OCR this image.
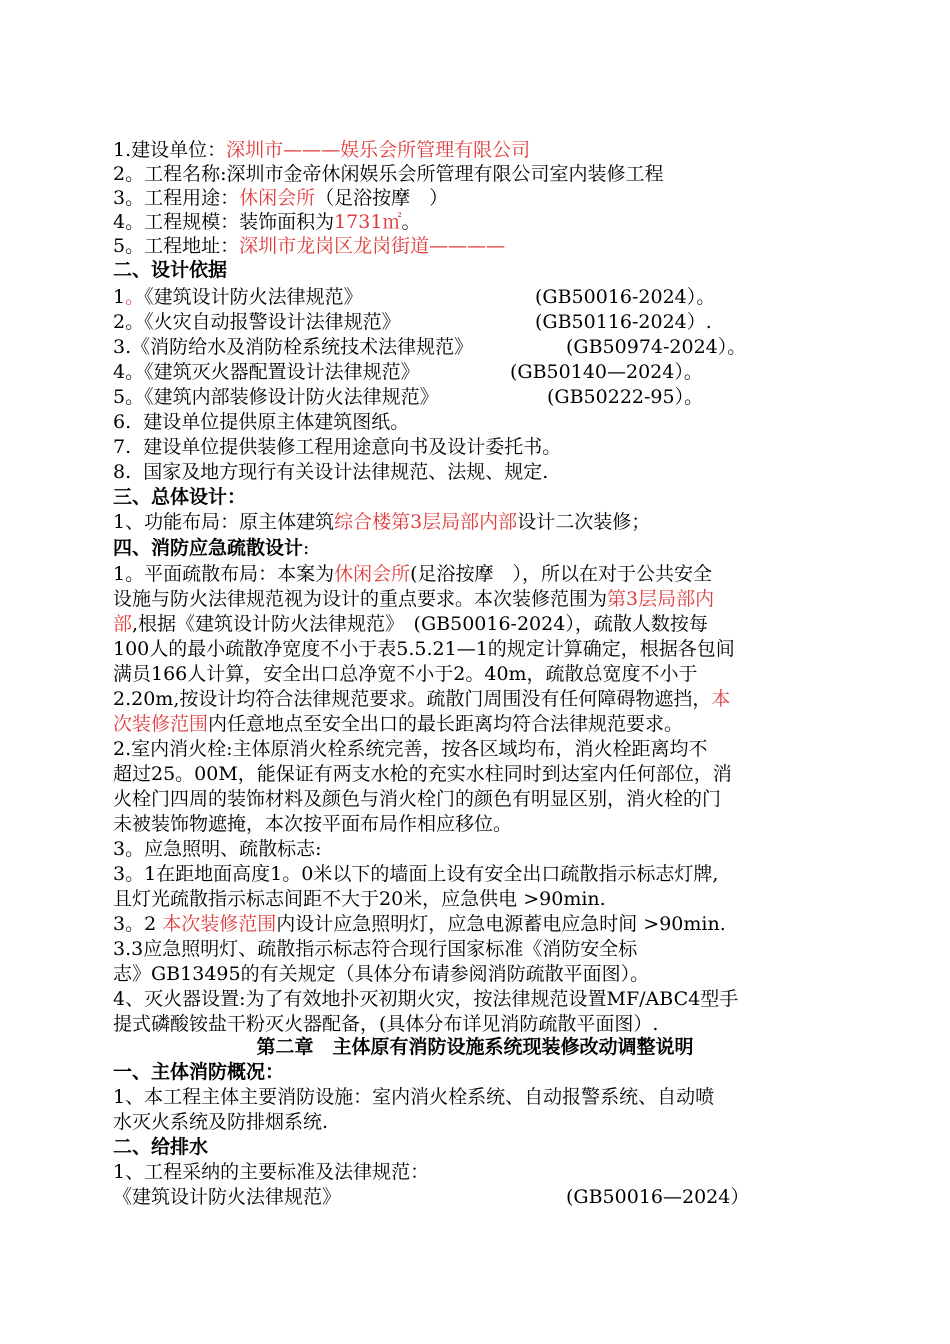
1.建设单位：深圳市———娱乐会所管理有限公司
2。工程名称:深圳市金帝休闲娱乐会所管理有限公司室内装修工程
3。工程用途：休闲会所（足浴按摩　）
4。工程规模：装饰面积为1731㎡。
5。工程地址：深圳市龙岗区龙岗街道————
二、设计依据
1。《建筑设计防火法律规范》	(GB50016-2024）。
2。《火灾自动报警设计法律规范》	(GB50116-2024）.
3.《消防给水及消防栓系统技术法律规范》	(GB50974-2024）。
4。《建筑灭火器配置设计法律规范》	(GB50140—2024）。
5。《建筑内部装修设计防火法律规范》	(GB50222-95）。
6.  建设单位提供原主体建筑图纸。
7.  建设单位提供装修工程用途意向书及设计委托书。
8.  国家及地方现行有关设计法律规范、法规、规定.
三、总体设计：
1、功能布局：原主体建筑综合楼第3层局部内部设计二次装修；
四、消防应急疏散设计:
1。平面疏散布局：本案为休闲会所(足浴按摩　），所以在对于公共安全
设施与防火法律规范视为设计的重点要求。本次装修范围为第3层局部内
部,根据《建筑设计防火法律规范》　(GB50016-2024），疏散人数按每
100人的最小疏散净宽度不小于表5.5.21—1的规定计算确定，根据各包间
满员166人计算，安全出口总净宽不小于2。40m，疏散总宽度不小于
2.20m,按设计均符合法律规范要求。疏散门周围没有任何障碍物遮挡，本
次装修范围内任意地点至安全出口的最长距离均符合法律规范要求。
2.室内消火栓:主体原消火栓系统完善，按各区域均布，消火栓距离均不
超过25。00M，能保证有两支水枪的充实水柱同时到达室内任何部位，消
火栓门四周的装饰材料及颜色与消火栓门的颜色有明显区别，消火栓的门
未被装饰物遮掩，本次按平面布局作相应移位。
3。应急照明、疏散标志:
3。1在距地面高度1。0米以下的墙面上设有安全出口疏散指示标志灯牌,
且灯光疏散指示标志间距不大于20米，应急供电 >90min.
3。2 本次装修范围内设计应急照明灯，应急电源蓄电应急时间 >90min.
3.3应急照明灯、疏散指示标志符合现行国家标准《消防安全标
志》GB13495的有关规定（具体分布请参阅消防疏散平面图）。
4、灭火器设置:为了有效地扑灭初期火灾，按法律规范设置MF/ABC4型手
提式磷酸铵盐干粉灭火器配备，(具体分布详见消防疏散平面图）.
第二章　主体原有消防设施系统现装修改动调整说明
一、主体消防概况：
1、本工程主体主要消防设施：室内消火栓系统、自动报警系统、自动喷
水灭火系统及防排烟系统.
二、给排水
1、工程采纳的主要标准及法律规范：
《建筑设计防火法律规范》	(GB50016—2024）
